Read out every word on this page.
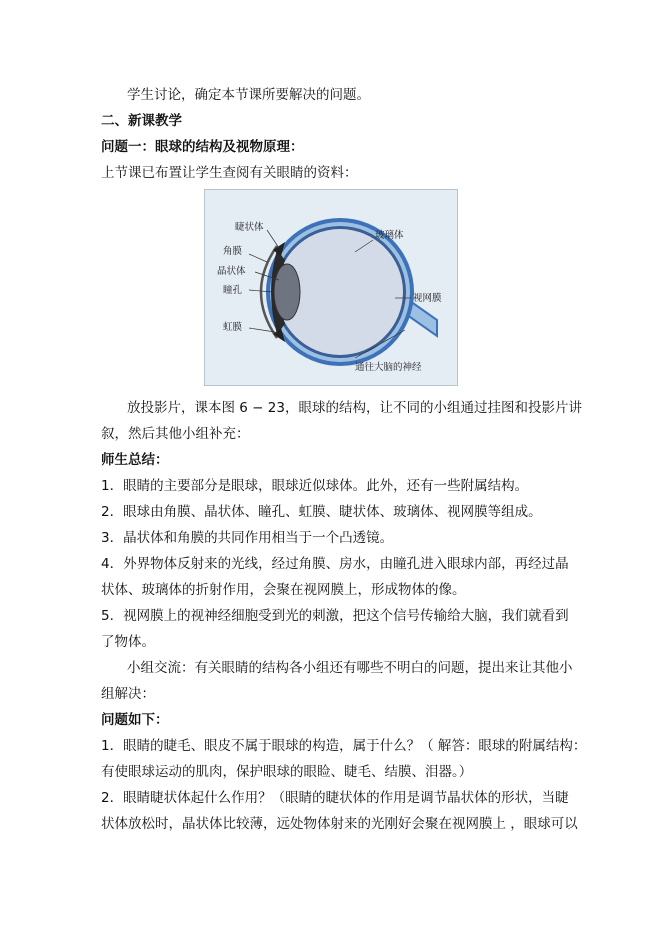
学生讨论，确定本节课所要解决的问题。
二、新课教学
问题一：眼球的结构及视物原理：
上节课已布置让学生查阅有关眼睛的资料：
睫状体
角膜
晶状体
瞳孔
虹膜
玻璃体
视网膜
通往大脑的神经
放投影片，课本图 6 − 23，眼球的结构，让不同的小组通过挂图和投影片讲
叙，然后其他小组补充：
师生总结：
1．眼睛的主要部分是眼球，眼球近似球体。此外，还有一些附属结构。
2．眼球由角膜、晶状体、瞳孔、虹膜、睫状体、玻璃体、视网膜等组成。
3．晶状体和角膜的共同作用相当于一个凸透镜。
4．外界物体反射来的光线，经过角膜、房水，由瞳孔进入眼球内部，再经过晶
状体、玻璃体的折射作用，会聚在视网膜上，形成物体的像。
5．视网膜上的视神经细胞受到光的刺激，把这个信号传输给大脑，我们就看到
了物体。
小组交流：有关眼睛的结构各小组还有哪些不明白的问题，提出来让其他小
组解决：
问题如下：
1．眼睛的睫毛、眼皮不属于眼球的构造，属于什么？（ 解答：眼球的附属结构：
有使眼球运动的肌肉，保护眼球的眼睑、睫毛、结膜、泪器。）
2．眼睛睫状体起什么作用？（眼睛的睫状体的作用是调节晶状体的形状，当睫
状体放松时，晶状体比较薄，远处物体射来的光刚好会聚在视网膜上 ，眼球可以
